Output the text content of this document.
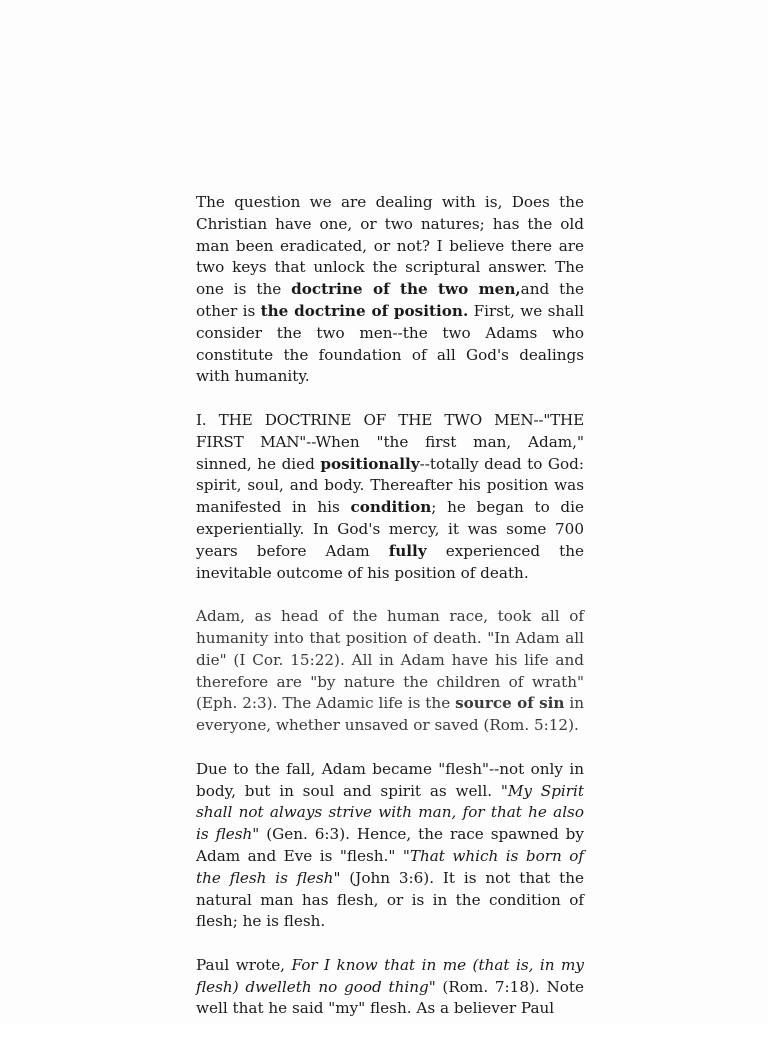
The question we are dealing with is, Does the Christian have one, or two natures; has the old man been eradicated, or not? I believe there are two keys that unlock the scriptural answer. The one is the doctrine of the two men,and the other is the doctrine of position. First, we shall consider the two men--the two Adams who constitute the foundation of all God's dealings with humanity.

I. THE DOCTRINE OF THE TWO MEN--"THE FIRST MAN"--When "the first man, Adam," sinned, he died positionally--totally dead to God: spirit, soul, and body. Thereafter his position was manifested in his condition; he began to die experientially. In God's mercy, it was some 700 years before Adam fully experienced the inevitable outcome of his position of death.

Adam, as head of the human race, took all of humanity into that position of death. "In Adam all die" (I Cor. 15:22). All in Adam have his life and therefore are "by nature the children of wrath" (Eph. 2:3). The Adamic life is the source of sin in everyone, whether unsaved or saved (Rom. 5:12).

Due to the fall, Adam became "flesh"--not only in body, but in soul and spirit as well. "My Spirit shall not always strive with man, for that he also is flesh" (Gen. 6:3). Hence, the race spawned by Adam and Eve is "flesh." "That which is born of the flesh is flesh" (John 3:6). It is not that the natural man has flesh, or is in the condition of flesh; he is flesh.

Paul wrote, For I know that in me (that is, in my flesh) dwelleth no good thing" (Rom. 7:18). Note well that he said "my" flesh. As a believer Paul
